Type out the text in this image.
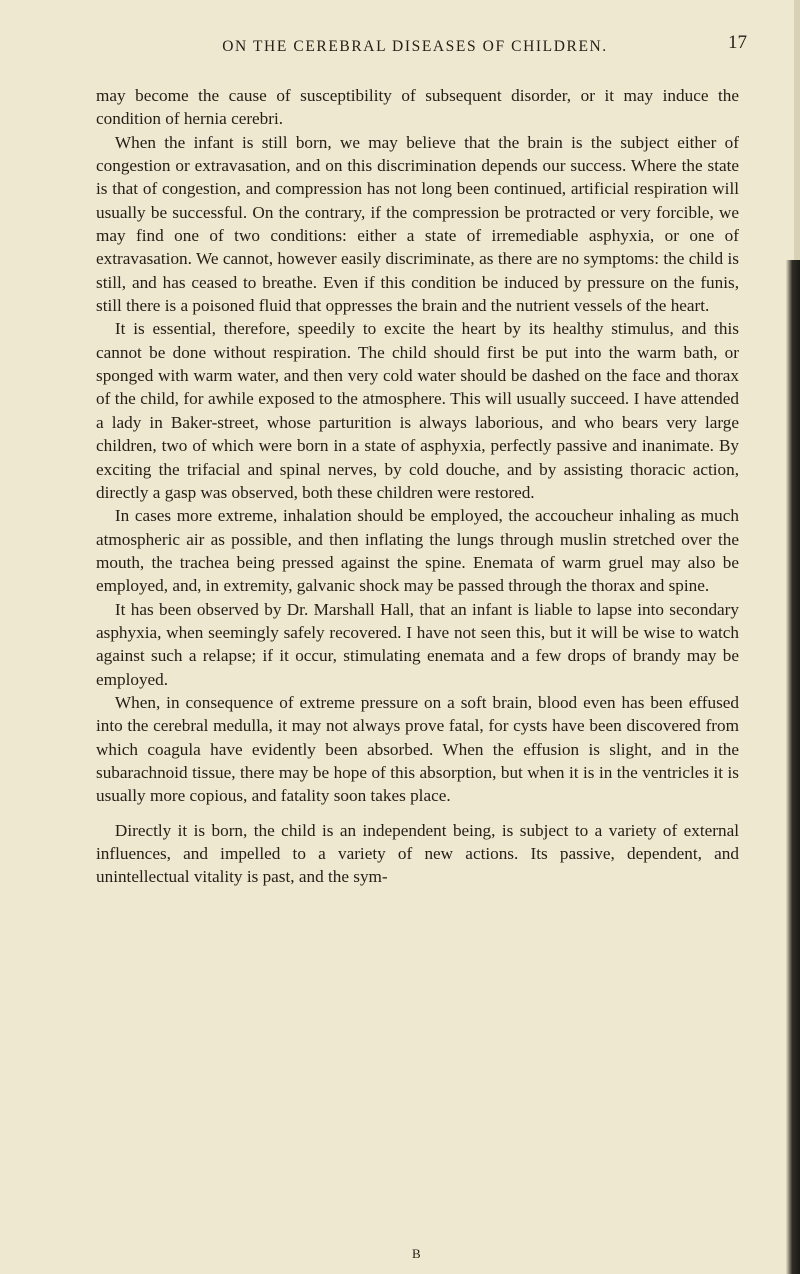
ON THE CEREBRAL DISEASES OF CHILDREN.	17

may become the cause of susceptibility of subsequent disorder, or it may induce the condition of hernia cerebri.

When the infant is still born, we may believe that the brain is the subject either of congestion or extravasation, and on this discrimination depends our success. Where the state is that of congestion, and compression has not long been continued, artificial respiration will usually be successful. On the contrary, if the compression be protracted or very forcible, we may find one of two conditions: either a state of irremediable asphyxia, or one of extravasation. We cannot, however easily discriminate, as there are no symptoms: the child is still, and has ceased to breathe. Even if this condition be induced by pressure on the funis, still there is a poisoned fluid that oppresses the brain and the nutrient vessels of the heart.

It is essential, therefore, speedily to excite the heart by its healthy stimulus, and this cannot be done without respiration. The child should first be put into the warm bath, or sponged with warm water, and then very cold water should be dashed on the face and thorax of the child, for awhile exposed to the atmosphere. This will usually succeed. I have attended a lady in Baker-street, whose parturition is always laborious, and who bears very large children, two of which were born in a state of asphyxia, perfectly passive and inanimate. By exciting the trifacial and spinal nerves, by cold douche, and by assisting thoracic action, directly a gasp was observed, both these children were restored.

In cases more extreme, inhalation should be employed, the accoucheur inhaling as much atmospheric air as possible, and then inflating the lungs through muslin stretched over the mouth, the trachea being pressed against the spine. Enemata of warm gruel may also be employed, and, in extremity, galvanic shock may be passed through the thorax and spine.

It has been observed by Dr. Marshall Hall, that an infant is liable to lapse into secondary asphyxia, when seemingly safely recovered. I have not seen this, but it will be wise to watch against such a relapse; if it occur, stimulating enemata and a few drops of brandy may be employed.

When, in consequence of extreme pressure on a soft brain, blood even has been effused into the cerebral medulla, it may not always prove fatal, for cysts have been discovered from which coagula have evidently been absorbed. When the effusion is slight, and in the subarachnoid tissue, there may be hope of this absorption, but when it is in the ventricles it is usually more copious, and fatality soon takes place.

Directly it is born, the child is an independent being, is subject to a variety of external influences, and impelled to a variety of new actions. Its passive, dependent, and unintellectual vitality is past, and the sym-

B
